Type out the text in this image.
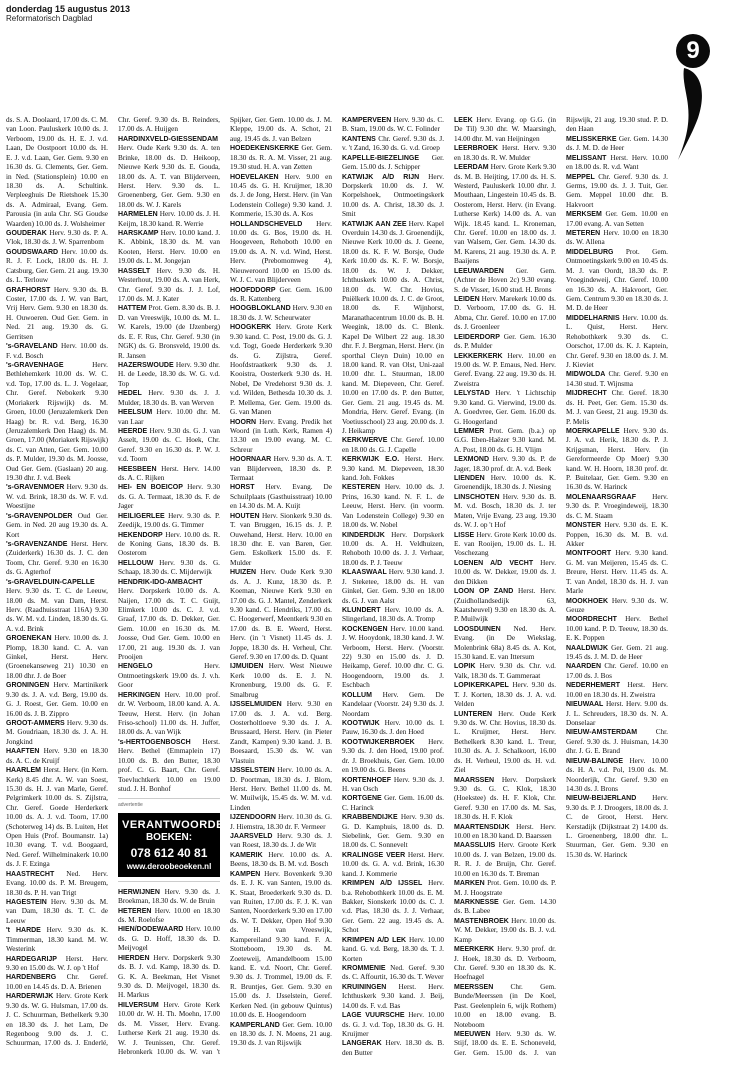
donderdag 15 augustus 2013
Reformatorisch Dagblad
9

ds. S. A. Doolaard, 17.00 ds. C. M. van Loon. Pauluskerk 10.00 ds. J. Verboom, 19.00 ds. H. E. J. v.d. Laan, De Oostpoort 10.00 ds. H. E. J. v.d. Laan, Ger. Gem. 9.30 en 16.30 ds. G. Clements, Ger. Gem. in Ned. (Stationsplein) 10.00 en 18.30 ds. A. Schultink. Verpleeghuis De Rietshoek 15.30 ds. A. Admiraal, Evang. Gem. Parousia (in aula Chr. SG Goudse Waarden) 10.00 ds. J. Wolsheimer

GOUDERAK Herv. 9.30 ds. P. A. Vlok, 18.30 ds. J. W. Sparrenbom

GOUDSWAARD Herv. 10.00 ds. R. J. F. Lock, 18.00 ds. H. J. Catsburg, Ger. Gem. 21 aug. 19.30 ds. L. Terlouw

GRAFHORST Herv. 9.30 ds. B. Coster, 17.00 ds. J. W. van Bart, Vrij Herv. Gem. 9.30 en 18.30 ds. H. Ouwoeren. Oud Ger. Gem. in Ned. 21 aug. 19.30 ds. G. Gerritsen

's-GRAVELAND Herv. 10.00 ds. F. v.d. Bosch

's-GRAVENHAGE	Herv. Bethlehemkerk 10.00 ds. W. C. v.d. Top, 17.00 ds. L. J. Vogelaar, Chr. Geref. Nebokerk 9.30 (Moriakerk Rijswijk) ds. M. Groen, 10.00 (Jeruzalemkerk Den Haag) br. R. v.d. Berg, 16.30 (Jeruzalemkerk Den Haag) ds. M. Groen, 17.00 (Moriakerk Rijswijk) ds. C. van Atten, Ger. Gem. 10.00 ds. P. Mulder, 19.30 ds. M. Joosse, Oud Ger. Gem. (Gaslaan) 20 aug. 19.30 dhr. J. v.d. Beek

's-GRAVENMOER Herv. 9.30 ds. W. v.d. Brink, 18.30 ds. W. F. v.d. Woestijne

's-GRAVENPOLDER Oud Ger. Gem. in Ned. 20 aug 19.30 ds. A. Kort

's-GRAVENZANDE Herst. Herv. (Zuiderkerk) 16.30 ds. J. C. den Toom, Chr. Geref. 9.30 en 16.30 ds. G. Agterhof

's-GRAVELDUIN-CAPELLE Herv. 9.30 ds. T. C. de Leeuw, 18.00 ds. M. van Dam, Herst. Herv. (Raadhuisstraat 116A) 9.30 ds. W. M. v.d. Linden, 18.30 ds. G. A. v.d. Brink

GROENEKAN Herv. 10.00 ds. J. Plomp, 18.30 kand. C. A. van Ginkel, Herst. Herv. (Groenekanseweg 21) 10.30 en 18.00 dhr. J. de Boer

GRONINGEN Herv. Martinikerk 9.30 ds. J. A. v.d. Berg, 19.00 ds. G. J. Roest, Ger. Gem. 10.00 en 16.00 ds. J. B. Zippro

GROOT-AMMERS Herv. 9.30 ds. M. Goudriaan, 18.30 ds. J. A. H. Jongkind

HAAFTEN Herv. 9.30 en 18.30 ds. A. C. de Kruijf

HAARLEM Herst. Herv. (in Kern. Kerk) 8.45 dhr. A. W. van Soest, 15.30 ds. H. J. van Marle, Geref. Pelgrimkerk 10.00 ds. S. Zijlstra, Chr. Geref. Goede Herderkerk 10.00 ds. A. J. v.d. Toorn, 17.00 (Schoterweg 14) ds. B. Luiten, Het Open Huis (Prof. Boumanstr. 1a) 10.30 evang. T. v.d. Boogaard, Ned. Geref. Wilhelminakerk 10.00 ds. J. F. Ezinga

HAASTRECHT Ned. Herv. Evang. 10.00 ds. P. M. Breugem, 18.30 ds. P. H. van Trigt

HAGESTEIN Herv. 9.30 ds. M. van Dam, 18.30 ds. T. C. de Leeuw

't HARDE Herv. 9.30 ds. K. Timmerman, 18.30 kand. M. W. Westerink

HARDEGARIJP Herst. Herv. 9.30 en 15.00 ds. W. J. op 't Hof

HARDENBERG Chr. Geref. 10.00 en 14.45 ds. D. A. Brienen

HARDERWIJK Herv. Grote Kerk 9.30 ds. W. G. Hulsman, 17.00 ds. J. C. Schuurman, Bethelkerk 9.30 en 18.30 ds. J. het Lam, De Regenboog 9.00 ds. J. C. Schuurman, 17.00 ds. J. Enderlé, Chr. Geref. 9.30 ds. B. Reinders, 17.00 ds. A. Huijgen

HARDINXVELD-GIESSENDAM Herv. Oude Kerk 9.30 ds. A. ten Brinke, 18.00 ds. D. Heikoop, Nieuwe Kerk 9.30 ds. E. Gouda, 18.00 ds. A. T. van Blijderveen, Herst. Herv. 9.30 ds. L. Groenenberg, Ger. Gem. 9.30 en 18.00 ds. W. J. Karels

HARMELEN Herv. 10.00 ds. J. H. Keijm, 18.30 kand. R. Werrie

HARSKAMP Herv. 10.00 kand. J. K. Abbink, 18.30 ds. M. van Kooten, Herst. Herv. 10.00 en 19.00 ds. L. M. Jongejan

HASSELT Herv. 9.30 ds. H. Westerhout, 19.00 ds. A. van Herk, Chr. Geref. 9.30 ds. J. J. Lof, 17.00 ds. M. J. Kater

HATTEM Prot. Gem. 8.30 ds. B. J. D. van Vreeswijk, 10.00 ds. M. L. W. Karels, 19.00 (de IJzenberg) ds. E. F. Rus, Chr. Geref. 9.30 (in NGK) ds. G. Bronsveld, 19.00 ds. R. Jansen

HAZERSWOUDE Herv. 9.30 dhr. H. de Leede, 18.30 ds. W. G. v.d. Top

HEDEL Herv. 9.30 ds. J. J. Mulder, 18.30 ds. B. van Werven

HEELSUM Herv. 10.00 dhr. M. van Laar

HEERDE Herv. 9.30 ds. G. J. van Asselt, 19.00 ds. C. Hoek, Chr. Geref. 9.30 en 16.30 ds. P. W. J. v.d. Toorn

HEESBEEN Herst. Herv. 14.00 ds. A. C. Rijken

HEI- EN BOEICOP Herv. 9.30 ds. G. A. Termaat, 18.30 ds. F. de Jager

HEILIGERLEE Herv. 9.30 ds. P. Zeedijk, 19.00 ds. G. Timmer

HEKENDORP Herv. 10.00 ds. R. de Koning Gans, 18.30 ds. B. Oosterom

HELLOUW Herv. 9.30 ds. G. Schaap, 18.30 ds. C. Mijderwijk

HENDRIK-IDO-AMBACHT Herv. Dorpskerk 10.00 ds. A. Naijen, 17.00 ds. T. C. Guijt, Elimkerk 10.00 ds. C. J. v.d. Graaf, 17.00 ds. D. Dekker, Ger. Gem. 10.00 en 16.30 ds. M. Joosse, Oud Ger. Gem. 10.00 en 17.00, 21 aug. 19.30 ds. J. van Prooijen

HENGELO	Herv. Ontmoetingskerk 19.00 ds. J. v.h. Goor

HERKINGEN Herv. 10.00 prof. dr. W. Verboom, 18.00 kand. A. A. Teeuw, Herst. Herv. (in Johan Friso-school) 11.00 ds. H. Juffer, 18.00 ds. A. van Wijk

's-HERTOGENBOSCH Herst. Herv. Bethel (Emmaplein 17) 10.00 ds. B. den Butter, 18.30 prof. C. G. Baart, Chr. Geref. Toevluchtkerk 10.00 en 19.00 stud. J. H. Bonhof

advertentie
VERANTWOORDE
BOEKEN:
078 612 40 81
www.deroobeoeken.nl

HERWIJNEN Herv. 9.30 ds. J. Broekman, 18.30 ds. W. de Bruin

HETEREN Herv. 10.00 en 18.30 ds. M. Roelofse

HIEN/DODEWAARD Herv. 10.00 ds. G. D. Hoff, 18.30 ds. D. Meijvogel

HIERDEN Herv. Dorpskerk 9.30 ds. B. J. v.d. Kamp, 18.30 ds. D. G. K. A. Beekman, Het Visnet 9.30 ds. D. Meijvogel, 18.30 ds. H. Markus

HILVERSUM Herv. Grote Kerk 10.00 dr. W. H. Th. Moehn, 17.00 ds. M. Visser, Herv. Evang. Lutherse Kerk 21 aug. 19.30 ds. W. J. Teunissen, Chr. Geref. Hebronkerk 10.00 ds. W. van 't Spijker, Ger. Gem. 10.00 ds. J. M. Kleppe, 19.00 ds. A. Schot, 21 aug. 19.45 ds. J. van Belzen

HOEDEKENSKERKE Ger. Gem. 18.30 ds. R. A. M. Visser, 21 aug. 19.30 stud. H. A. van Zetten

HOEVELAKEN Herv. 9.00 en 10.45 ds. G. H. Kruijmer, 18.30 ds. J. de Jong, Herst. Herv. (in Van Lodenstein College) 9.30 kand. J. Kommerie, 15.30 ds. A. Kos

HOLLANDSCHEVELD Herv. 10.00 ds. G. Bos, 19.00 ds. H. Hoogeveen, Rehoboth 10.00 en 19.00 ds. A. N. v.d. Wind, Herst. Herv. (Prebomomweg 4), Nieuweroord 10.00 en 15.00 ds. W. J. C. van Blijderveen

HOOFDDORP Ger. Gem. 16.00 ds. R. Kattenberg

HOOGBLOKLAND Herv. 9.30 en 18.30 ds. J. W. Scheurwater

HOOGKERK Herv. Grote Kerk 9.30 kand. C. Post, 19.00 ds. G. J. v.d. Togt, Goede Herderkerk 9.30 ds. G. Zijlstra, Geref. Hoofdstraatkerk 9.30 ds. J. Kooistra, Oosterkerk 9.30 ds. H. Nobel, De Vredehorst 9.30 ds. J. v.d. Wilden, Bethesda 10.30 ds. J. P. Mellema, Ger. Gem. 19.00 ds. G. van Manen

HOORN Herv. Evang. Predik het Woord (in Luth. Kerk, Ramen 4) 13.30 en 19.00 evang. M. C. Schreur

HOORNAAR Herv. 9.30 ds. A. T. van Blijderveen, 18.30 ds. P. Termaat

HORST Herv. Evang. De Schuilplaats (Gasthuisstraat) 10.00 en 14.30 ds. M. A. Kuijt

HOUTEN Herv. Sionkerk 9.30 ds. T. van Bruggen, 16.15 ds. J. P. Ouwehand, Herst. Herv. 10.00 en 18.30 dhr. E. van Baren, Ger. Gem. Eskolkerk 15.00 ds. F. Mulder

HUIZEN Herv. Oude Kerk 9.30 ds. A. J. Kunz, 18.30 ds. P. Koeman, Nieuwe Kerk 9.30 en 17.00 ds. G. J. Mantel, Zenderkerk 9.30 kand. C. Hendriks, 17.00 ds. C. Hoogerwerf, Meentkerk 9.30 en 17.00 ds. B. E. Weerd, Herst. Herv. (in 't Visnet) 11.45 ds. J. Joppe, 18.30 ds. H. Verheul, Chr. Geref. 9.30 en 17.00 ds. D. Quant

IJMUIDEN Herv. West Nieuwe Kerk 10.00 ds. E. J. N. Kronenburg, 19.00 ds. G. F. Smalbrug

IJSSELMUIDEN Herv. 9.30 en 17.00 ds. J. A. v.d. Berg. Oosterholtloeve 9.30 ds. J. A. Brussaard, Herst. Herv. (in Pieter Zandt, Kampen) 9.30 kand. J. B. Boesaard, 15.30 ds. W. van Vlastuin

IJSSELSTEIN Herv. 10.00 ds. A. D. Poortman, 18.30 ds. J. Blom, Herst. Herv. Bethel 11.00 ds. M. W. Muilwijk, 15.45 ds. W. M. v.d. Linden

IJZENDOORN Herv. 10.30 ds. G. J. Hiemstra, 18.30 dr. F. Vermeer

JAARSVELD Herv. 9.30 ds. J. van Roest, 18.30 ds. J. de Wit

KAMERIK Herv. 10.00 ds. A. Beens, 18.30 ds. B. M. v.d. Bosch

KAMPEN Herv. Bovenkerk 9.30 ds. E. J. K. van Santen, 19.00 ds. K. Staat, Broederkerk 9.30 ds. D. van Ruiten, 17.00 ds. F. J. K. van Santen, Noorderkerk 9.30 en 17.00 ds. W. T. Dekker, Open Hof 9.30 ds. H. van Vreeswijk, Kampereiland 9.30 kand. F. A. Stotteboom, 19.30 ds. M. Zoeteweij, Amandelboom 15.00 kand. E. v.d. Noort, Chr. Geref. 9.30 ds. J. Trommel, 19.00 ds. F. R. Bruntjes, Ger. Gem. 9.30 en 15.00 ds. J. IJsselstein, Geref. Kerken Ned. (in gebouw Quintus) 10.00 ds. E. Hoogendoorn

KAMPERLAND Ger. Gem. 10.00 en 18.30 ds. J. N. Moens, 21 aug. 19.30 ds. J. van Rijswijk

KAMPERVEEN Herv. 9.30 ds. C. B. Stam, 19.00 ds. W. C. Folinder

KANTENS Chr. Geref. 9.30 ds. J. v. 't Zand, 16.30 ds. G. v.d. Groep

KAPELLE-BIEZELINGE Ger. Gem. 15.00 ds. J. Schipper

KATWIJK A/D RIJN Herv. Dorpskerk 10.00 ds. J. W. Korpelshoek, Ontmoetingskerk 10.00 ds. A. Christ, 18.30 ds. J. Smit

KATWIJK AAN ZEE Herv. Kapel Overduin 14.30 ds. J. Groenendijk, Nieuwe Kerk 10.00 ds. J. Geene, 18.00 ds. K. F. W. Borsje, Oude Kerk 10.00 ds. K. F. W. Borsje, 18.00 ds. W. J. Dekker, Ichthuskerk 10.00 ds. A. Christ, 18.00 ds. W. Chr. Hovius, Pniëlkerk 10.00 ds. J. C. de Groot, 18.00 ds. F. Wijnhorst, Maranathacentrum 10.00 ds. B. H. Weegink, 18.00 ds. C. Blenk. Kapel De Wilbert 22 aug. 18.30 dhr. F. J. Bergman, Herst. Herv. (in sporthal Cleyn Duin) 10.00 en 18.00 kand. R. van Olst, Uni-zaal 10.00 dhr. L. Stuurman, 18.00 kand. M. Diepeveen, Chr. Geref. 10.00 en 17.00 ds. P. den Butter, Ger. Gem. 21 aug. 19.45 ds. M. Mondria, Herv. Geref. Evang. (in Voetiusschool) 23 aug. 20.00 ds. J. J. Heikamp

KERKWERVE Chr. Geref. 10.00 en 18.00 ds. G. J. Capelle

KERKWIJK E.O. Herst. Herv. 9.30 kand. M. Diepeveen, 18.30 kand. Joh. Fokkes

KESTEREN Herv. 10.00 ds. J. Prins, 16.30 kand. N. F. L. de Leeuw, Herst. Herv. (in voorm. Van Lodenstein College) 9.30 en 18.00 ds. W. Nobel

KINDERDIJK Herv. Dorpskerk 10.00 ds. A. H. Veldhuizen, Rehoboth 10.00 ds. J. J. Verhaar, 18.00 ds. P. J. Teeuw

KLAASWAAL Herv. 9.30 kand. J. J. Steketee, 18.00 ds. H. van Ginkel, Ger. Gem. 9.30 en 18.00 ds. G. J. van Aalst

KLUNDERT Herv. 10.00 ds. A. Slingerland, 18.30 ds. A. Tromp

KOCKENGEN Herv. 10.00 kand. J. W. Hooydonk, 18.30 kand. J. W. Verboom, Herst. Herv. (Voorstr. 22) 9.30 en 15.00 ds. J. D. Heikamp, Geref. 10.00 dhr. C. G. Hoogendoorn, 19.00 ds. J. Eschbach

KOLLUM Herv. Gem. De Kandelaar (Voorstr. 24) 9.30 ds. J. Noordam

KOOTWIJK Herv. 10.00 ds. I. Pauw, 16.30 ds. J. den Hoed

KOOTWIJKERBROEK Herv. 9.30 ds. J. den Hoed, 19.00 prof. dr. J. Broekhuis, Ger. Gem. 10.00 en 19.00 ds. G. Beens

KORTENHOEF Herv. 9.30 ds. J. H. van Osch

KORTGENE Ger. Gem. 16.00 ds. C. Harinck

KRABBENDIJKE Herv. 9.30 ds. G. D. Kamphuis, 18.00 ds. D. Siebelink, Ger. Gem. 9.30 en 18.00 ds. C. Sonnevelt

KRALINGSE VEER Herst. Herv. 10.00 ds. G. A. v.d. Brink, 16.30 kand. J. Kommerie

KRIMPEN A/D IJSSEL Herv. b.a. Rehobothkerk 10.00 ds. E. M. Bakker, Sionskerk 10.00 ds. C. J. v.d. Plas, 18.30 ds. J. J. Verhaar, Ger. Gem. 22 aug. 19.45 ds. A. Schot

KRIMPEN A/D LEK Herv. 10.00 kand. G. v.d. Berg, 18.30 ds. T. J. Korten

KROMMENIE Ned. Geref. 9.30 ds. C. Affourtit, 16.30 ds. T. Wever

KRUININGEN Herst. Herv. Ichthuskerk 9.30 kand. J. Beij, 14.00 ds. F. v.d. Bas

LAGE VUURSCHE Herv. 10.00 ds. G. J. v.d. Top, 18.30 ds. G. H. Kruijmer

LANGERAK Herv. 18.30 ds. B. den Butter

LEEK Herv. Evang. op G.G. (in De Til) 9.30 dhr. W. Maarsingh, 14.00 dhr. M. van Heijningen

LEERBROEK Herst. Herv. 9.30 en 18.30 ds. R. W. Mulder

LEERDAM Herv. Grote Kerk 9.30 ds. M. B. Heijting, 17.00 ds. H. S. Westerd, Pauluskerk 10.00 dhr. J. Mouthaan, Lingestein 10.45 ds. B. Oosterom, Herst. Herv. (in Evang. Lutherse Kerk) 14.00 ds. A. van Wijk. 18.45 kand. L. Kroneman, Chr. Geref. 10.00 en 18.00 ds. J. van Walsem, Ger. Gem. 14.30 ds. M. Karens, 21 aug. 19.30 ds. A. P. Baaijens

LEEUWARDEN Ger. Gem. (Achter de Hoven 2c) 9.30 evang. S. de Visser, 16.00 stud. H. Brons

LEIDEN Herv. Marekerk 10.00 ds. D. Verboom, 17.00 ds. G. H. Abma, Chr. Geref. 10.00 en 17.00 ds. J. Groenleer

LEIDERDORP Ger. Gem. 16.30 ds. P. Mulder

LEKKERKERK Herv. 10.00 en 19.00 ds. W. P. Emaus, Ned. Herv. Geref. Evang. 22 aug. 19.30 ds. H. Zweistra

LELYSTAD Herv. 't Lichtschip 9.30 kand. G. Vierwind, 19.00 ds. A. Goedvree, Ger. Gem. 16.00 ds. G. Hoogerland

LEMMER Prot. Gem. (b.a.) op G.G. Eben-Haëzer 9.30 kand. M. A. Post, 18.00 ds. G. H. Vlijm

LEXMOND Herv. 9.30 ds. P. de Jager, 18.30 prof. dr. A. v.d. Beek

LIENDEN Herv. 10.00 ds. K. Groenendijk, 18.30 ds. J. Niesing

LINSCHOTEN Herv. 9.30 ds. B. M. v.d. Bosch, 18.30 ds. J. ter Maten, Vrije Evang. 23 aug. 19.30 ds. W. J. op 't Hof

LISSE Herv. Grote Kerk 10.00 ds. E. van Rooijen, 19.00 ds. L. H. Voschezang

LOENEN A/D VECHT Herv. 10.00 ds. W. Dekker, 19.00 ds. J. den Dikken

LOON OP ZAND Herst. Herv. (Zuidhollandsedijk 63, Kaatsheuvel) 9.30 en 18.30 ds. A. P. Muilwijk

LOOSDUINEN Ned. Herv. Evang. (in De Wiekslag, Molenbrink 68a) 8.45 ds. A. Kot, 15.30 kand. E. van Ittersum

LOPIK Herv. 9.30 ds. Chr. v.d. Valk, 18.30 ds. T. Gammeraat

LOPIKERKAPEL Herv. 9.30 ds. T. J. Korten, 18.30 ds. J. A. v.d. Velden

LUNTEREN Herv. Oude Kerk 9.30 ds. W. Chr. Hovius, 18.30 ds. L. Kruijmer, Herst. Herv. Bethelkerk 8.30 kand. L. Treur, 10.30 ds. A. J. Schalkoort, 16.00 ds. H. Verheul, 19.00 ds. H. v.d. Ziel

MAARSSEN Herv. Dorpskerk 9.30 ds. G. C. Klok, 18.30 (Hoekstee) ds. H. F. Klok, Chr. Geref. 9.30 en 17.00 ds. M. Sas, 18.30 ds. H. F. Klok

MAARTENSDIJK Herst. Herv. 10.00 en 18.30 kand. D. Baarssen

MAASSLUIS Herv. Groote Kerk 10.00 ds. J. van Belzen, 19.00 ds. R. R. J. de Bruijn, Chr. Geref. 10.00 en 16.30 ds. T. Breman

MARKEN Prot. Gem. 10.00 ds. P. M. J. Hoogstrate

MARKNESSE Ger. Gem. 14.30 ds. B. Labee

MASTENBROEK Herv. 10.00 ds. W. M. Dekker, 19.00 ds. B. J. v.d. Kamp

MEERKERK Herv. 9.30 prof. dr. J. Hoek, 18.30 ds. D. Verboom, Chr. Geref. 9.30 en 18.30 ds. K. Hoefnagel

MEERSSEN Chr. Gem. Bunde/Meerssen (in De Koel, Past. Geelenplein 6, wijk Rothem) 10.00 en 18.00 evang. B. Noteboom

MEEUWEN Herv. 9.30 ds. W. Stijf, 18.00 ds. E. E. Schoneveld, Ger. Gem. 15.00 ds. J. van Rijswijk, 21 aug. 19.30 stud. P. D. den Haan

MELISSKERKE Ger. Gem. 14.30 ds. J. M. D. de Heer

MELISSANT Herst. Herv. 10.00 en 18.00 ds. R. v.d. Want

MEPPEL Chr. Geref. 9.30 ds. J. Germs, 19.00 ds. J. J. Tuit, Ger. Gem. Meppel 10.00 dhr. B. Hakvoort

MERKSEM Ger. Gem. 10.00 en 17.00 evang. A. van Setten

METEREN Herv. 10.00 en 18.30 ds. W. Allena

MIDDELBURG Prot. Gem. Ontmoetingskerk 9.00 en 10.45 ds. M. J. van Oordt, 18.30 ds. P. Vroegindeweij, Chr. Geref. 10.00 en 16.30 ds. A. Hakvoort, Ger. Gem. Centrum 9.30 en 18.30 ds. J. M. D. de Heer

MIDDELHARNIS Herv. 10.00 ds. L. Quist, Herst. Herv. Rehobothkerk 9.30 ds. C. Oorschot, 17.00 ds. K. J. Kaptein, Chr. Geref. 9.30 en 18.00 ds. J. M. J. Kieviet

MIDWOLDA Chr. Geref. 9.30 en 14.30 stud. T. Wijnsma

MIJDRECHT Chr. Geref. 18.30 ds. H. Peet, Ger. Gem. 15.30 ds. M. J. van Geest, 21 aug. 19.30 ds. P. Melis

MOERKAPELLE Herv. 9.30 ds. J. A. v.d. Herik, 18.30 ds. P. J. Krijgsman, Herst. Herv. (in Gereformeerde Op Moer) 9.30 kand. W. H. Hoorn, 18.30 prof. dr. P. Buitelaar, Ger. Gem. 9.30 en 16.30 ds. W. Harinck

MOLENAARSGRAAF Herv. 9.30 ds. P. Vroegindeweij, 18.30 ds. C. M. Staam

MONSTER Herv. 9.30 ds. E. K. Poppen, 16.30 ds. M. B. v.d. Akker

MONTFOORT Herv. 9.30 kand. G. M. van Meijeren, 15.45 ds. C. Breure, Herst. Herv. 11.45 ds. A. T. van Andel, 18.30 ds. H. J. van Marle

MOOKHOEK Herv. 9.30 ds. W. Geuze

MOORDRECHT Herv. Bethel 10.00 kand. P. D. Teeuw, 18.30 ds. E. K. Poppen

NAALDWIJK Ger. Gem. 21 aug. 19.45 ds. J. M. D. de Heer

NAARDEN Chr. Geref. 10.00 en 17.00 ds. J. Bos

NEDERHEMERT Herst. Herv. 10.00 en 18.30 ds. H. Zweistra

NIEUWAAL Herst. Herv. 9.00 ds. J. L. Schreuders, 18.30 ds. N. A. Donselaar

NIEUW-AMSTERDAM	Chr. Geref. 9.30 ds. J. Huisman, 14.30 dhr. J. G. E. Brand

NIEUW-BALINGE Herv. 10.00 ds. H. A. v.d. Pol, 19.00 ds. M. Noorderijk, Chr. Geref. 9.30 en 14.30 ds. J. Brons

NIEUW-BEIJERLAND Herv. 9.30 ds. P. J. Droogers, 18.00 ds. J. C. de Groot, Herst. Herv. Kerstadijk (Dijkstraat 2) 14.00 ds. L. Groenenberg, 18.00 dhr. L. Stuurman, Ger. Gem. 9.30 en 15.30 ds. W. Harinck
